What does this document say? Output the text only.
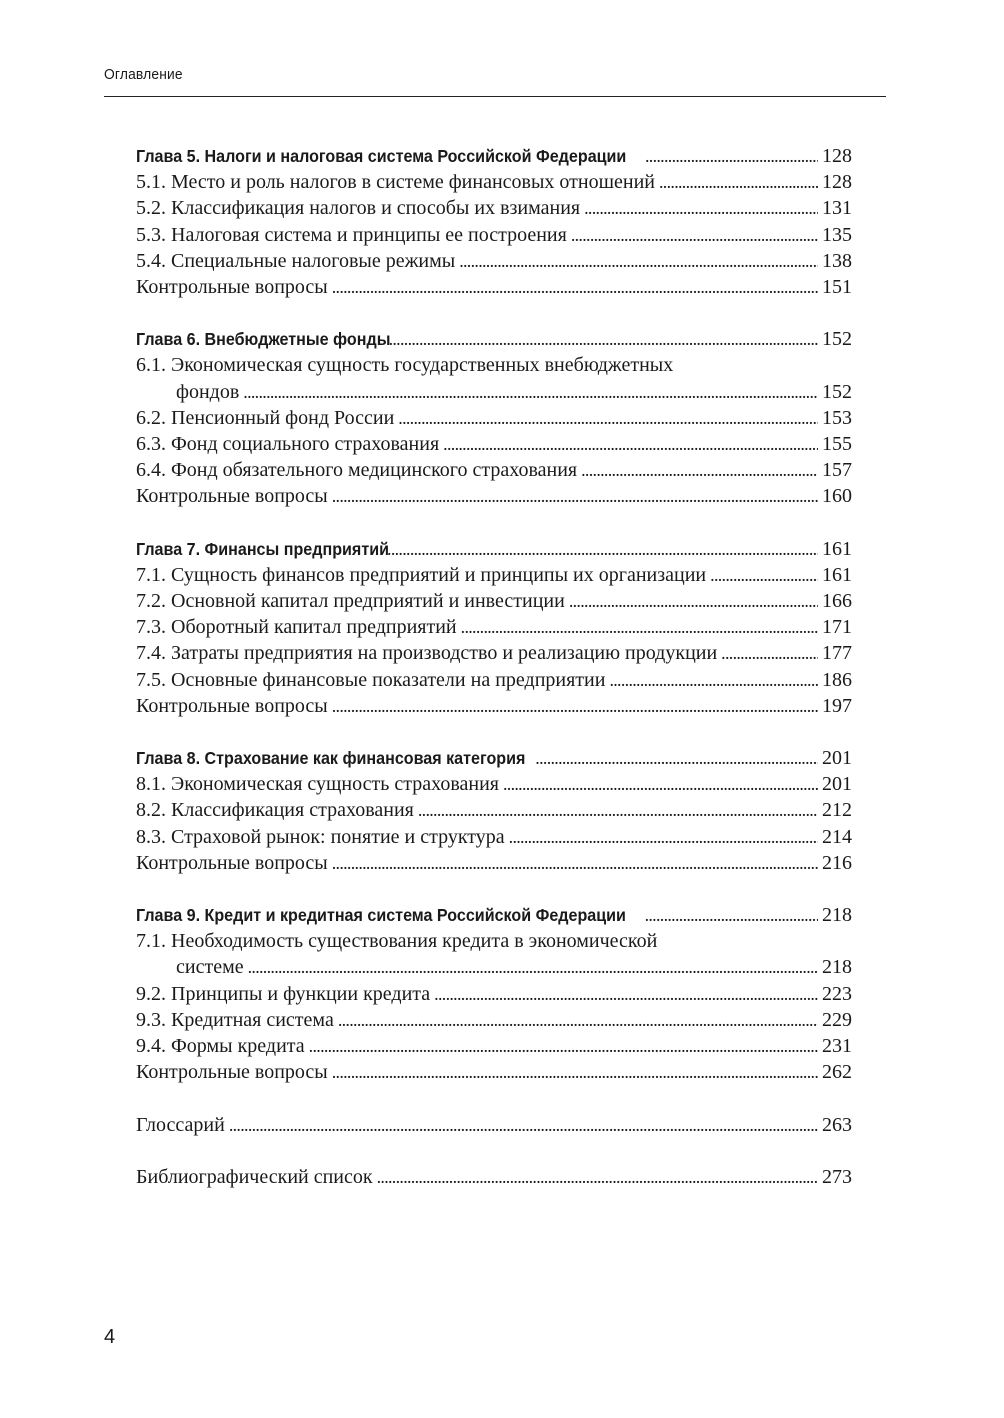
Оглавление
Глава 5. Налоги и налоговая система Российской Федерации . . .	128
5.1. Место и роль налогов в системе финансовых отношений . . .	128
5.2. Классификация налогов и способы их взимания . . .	131
5.3. Налоговая система и принципы ее построения . . .	135
5.4. Специальные налоговые режимы . . .	138
Контрольные вопросы . . .	151
Глава 6. Внебюджетные фонды . . .	152
6.1. Экономическая сущность государственных внебюджетных
фондов . . .	152
6.2. Пенсионный фонд России . . .	153
6.3. Фонд социального страхования . . .	155
6.4. Фонд обязательного медицинского страхования . . .	157
Контрольные вопросы . . .	160
Глава 7. Финансы предприятий . . .	161
7.1. Сущность финансов предприятий и принципы их организации . . .	161
7.2. Основной капитал предприятий и инвестиции . . .	166
7.3. Оборотный капитал предприятий . . .	171
7.4. Затраты предприятия на производство и реализацию продукции . . .	177
7.5. Основные финансовые показатели на предприятии . . .	186
Контрольные вопросы . . .	197
Глава 8. Страхование как финансовая категория . . .	201
8.1. Экономическая сущность страхования . . .	201
8.2. Классификация страхования . . .	212
8.3. Страховой рынок: понятие и структура . . .	214
Контрольные вопросы . . .	216
Глава 9. Кредит и кредитная система Российской Федерации . . .	218
7.1. Необходимость существования кредита в экономической
системе . . .	218
9.2. Принципы и функции кредита . . .	223
9.3. Кредитная система . . .	229
9.4. Формы кредита . . .	231
Контрольные вопросы . . .	262
Глоссарий . . .	263
Библиографический список . . .	273
4
